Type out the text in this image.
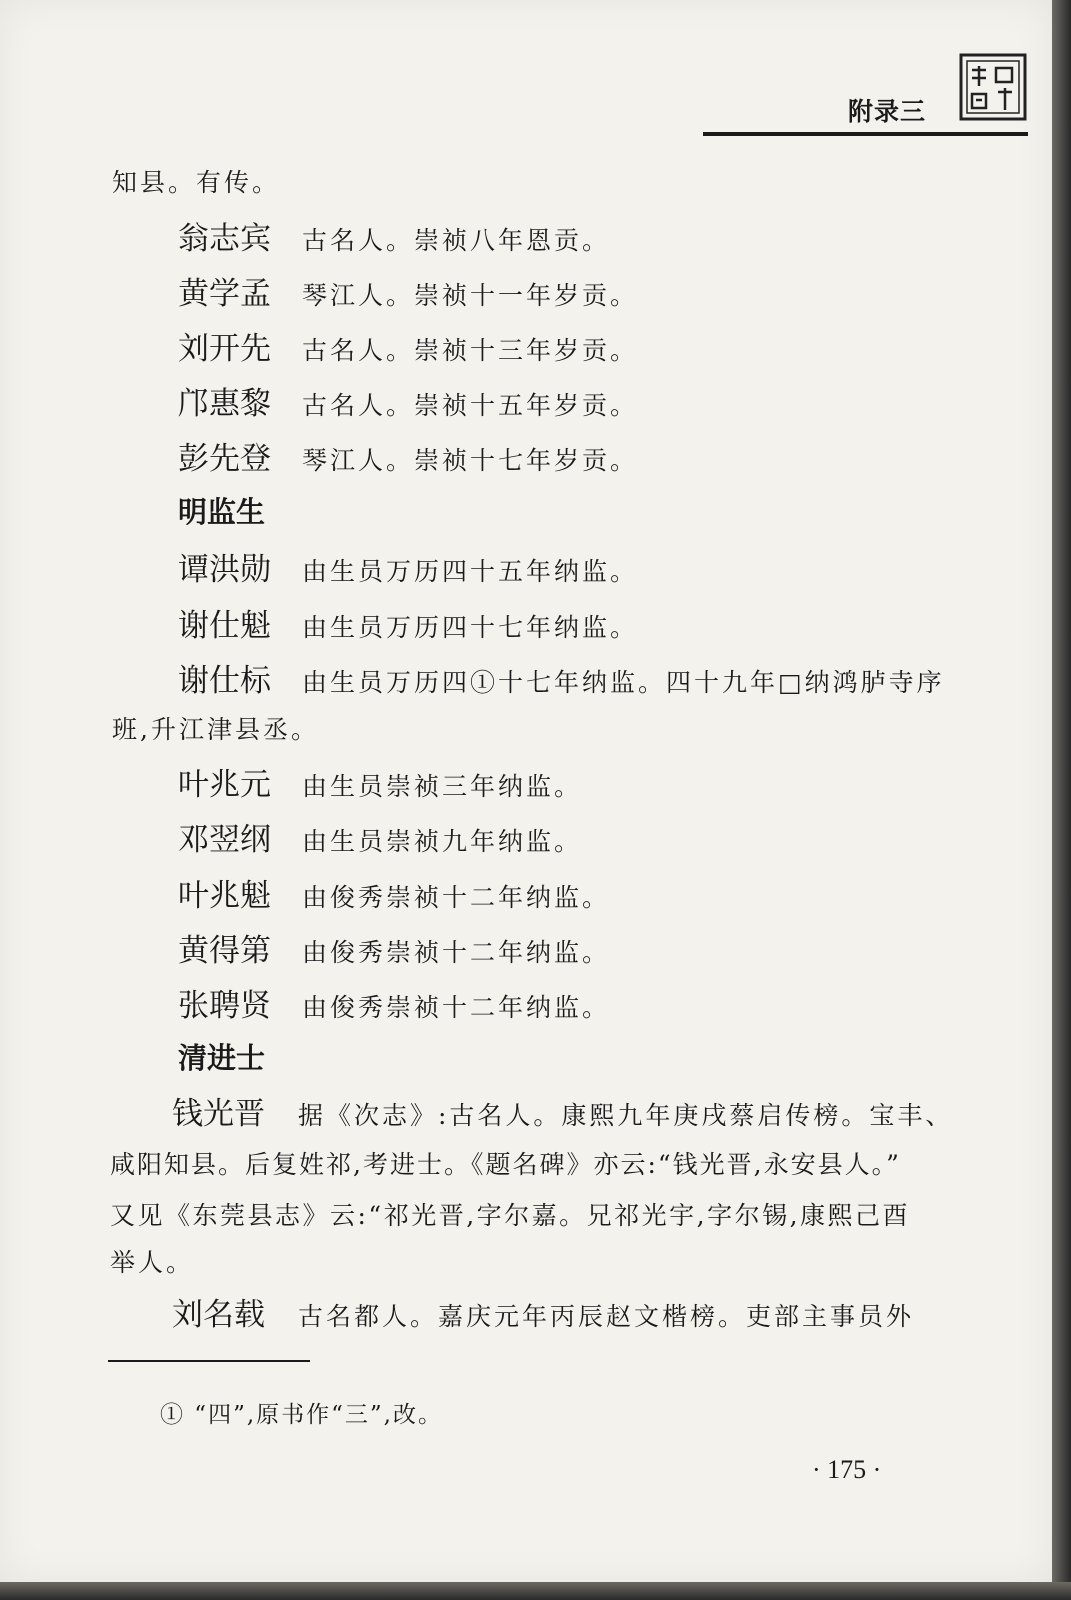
附录三
知县。有传。
翁志宾 古名人。崇祯八年恩贡。
黄学孟 琴江人。崇祯十一年岁贡。
刘开先 古名人。崇祯十三年岁贡。
邝惠黎 古名人。崇祯十五年岁贡。
彭先登 琴江人。崇祯十七年岁贡。
明监生
谭洪勋 由生员万历四十五年纳监。
谢仕魁 由生员万历四十七年纳监。
谢仕标 由生员万历四①十七年纳监。四十九年□纳鸿胪寺序
班,升江津县丞。
叶兆元 由生员崇祯三年纳监。
邓翌纲 由生员崇祯九年纳监。
叶兆魁 由俊秀崇祯十二年纳监。
黄得第 由俊秀崇祯十二年纳监。
张聘贤 由俊秀崇祯十二年纳监。
清进士
钱光晋 据《次志》:古名人。康熙九年庚戌蔡启传榜。宝丰、
咸阳知县。后复姓祁,考进士。《题名碑》亦云:“钱光晋,永安县人。”
又见《东莞县志》云:“祁光晋,字尔嘉。兄祁光宇,字尔锡,康熙己酉
举人。
刘名载 古名都人。嘉庆元年丙辰赵文楷榜。吏部主事员外
① “四”,原书作“三”,改。
· 175 ·
